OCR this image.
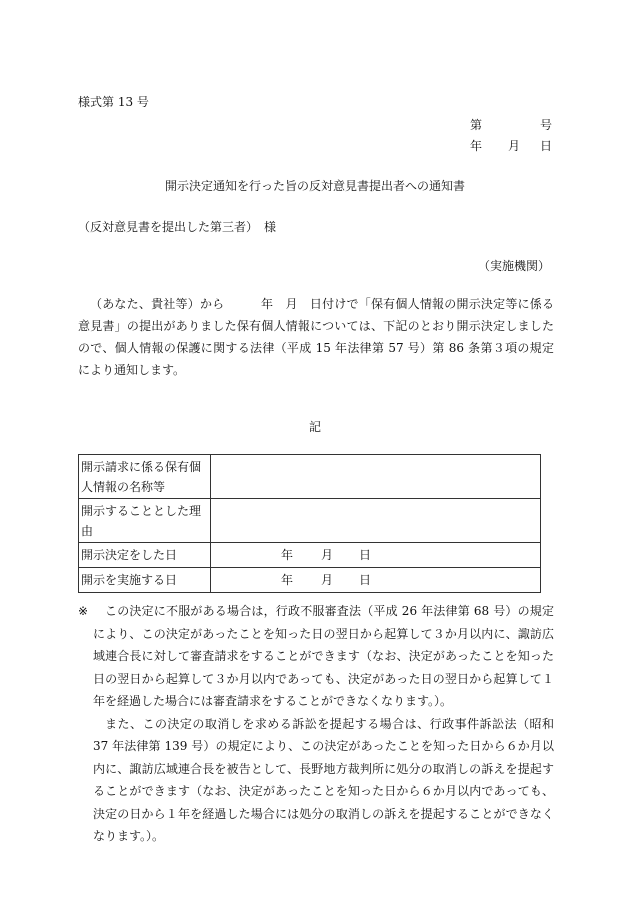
様式第 13 号
第	号
年 月 日
開示決定通知を行った旨の反対意見書提出者への通知書
（反対意見書を提出した第三者）　様
（実施機関）

（あなた、貴社等）から　　　年　月　日付けで「保有個人情報の開示決定等に係る意見書」の提出がありました保有個人情報については、下記のとおり開示決定しましたので、個人情報の保護に関する法律（平成 15 年法律第 57 号）第 86 条第３項の規定により通知します。

記
開示請求に係る保有個人情報の名称等	
開示することとした理由	
開示決定をした日	年 月 日

開示を実施する日	年 月 日

※ この決定に不服がある場合は，行政不服審査法（平成 26 年法律第 68 号）の規定により、この決定があったことを知った日の翌日から起算して３か月以内に、諏訪広域連合長に対して審査請求をすることができます（なお、決定があったことを知った日の翌日から起算して３か月以内であっても、決定があった日の翌日から起算して１年を経過した場合には審査請求をすることができなくなります。）。

また、この決定の取消しを求める訴訟を提起する場合は、行政事件訴訟法（昭和 37 年法律第 139 号）の規定により、この決定があったことを知った日から６か月以内に、諏訪広域連合長を被告として、長野地方裁判所に処分の取消しの訴えを提起することができます（なお、決定があったことを知った日から６か月以内であっても、決定の日から１年を経過した場合には処分の取消しの訴えを提起することができなくなります。）。
